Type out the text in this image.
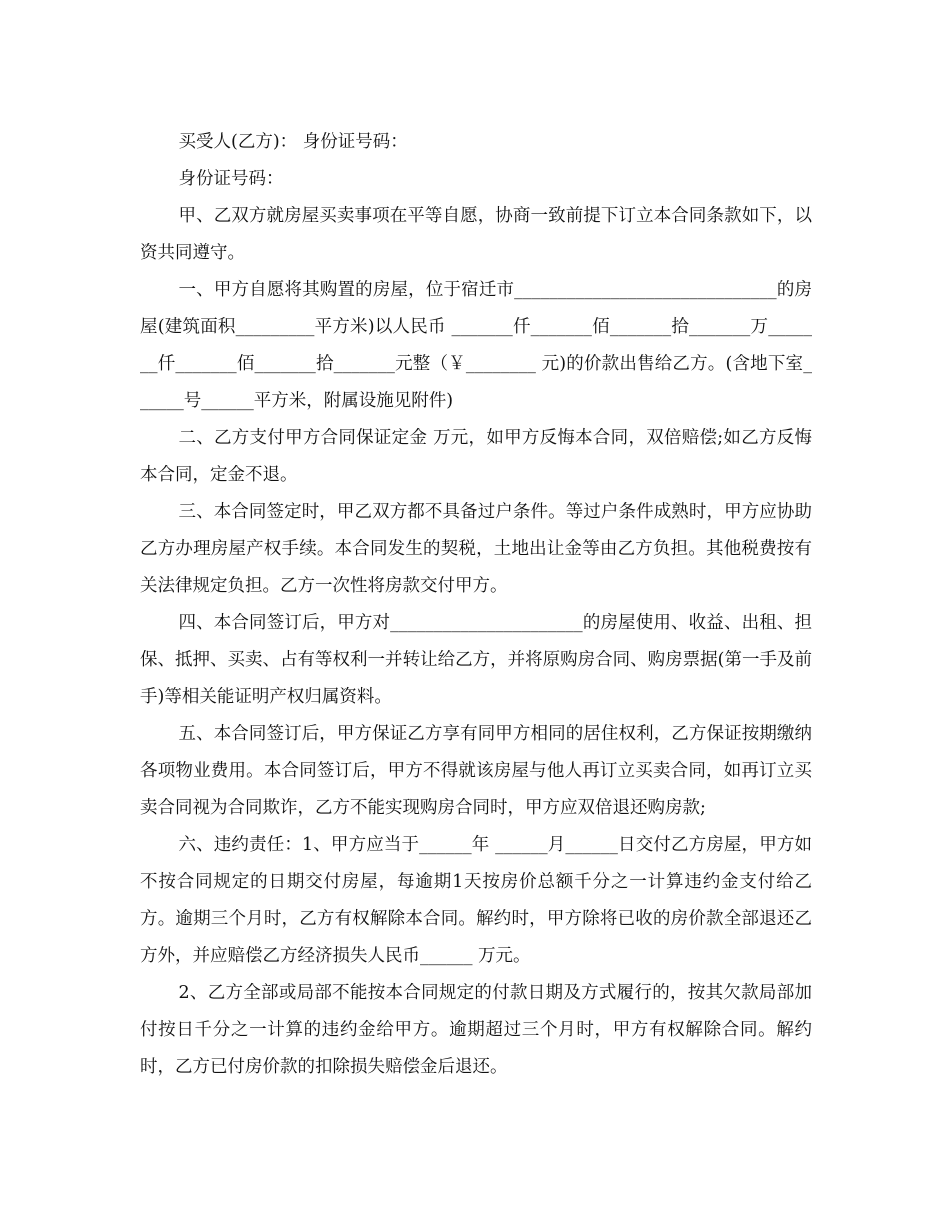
买受人(乙方)： 身份证号码：

身份证号码：

甲、乙双方就房屋买卖事项在平等自愿，协商一致前提下订立本合同条款如下，以资共同遵守。

一、甲方自愿将其购置的房屋，位于宿迁市______________________________的房屋(建筑面积_________平方米)以人民币 _______仟_______佰_______拾_______万_______仟_______佰_______拾_______元整（￥________ 元)的价款出售给乙方。(含地下室______号______平方米，附属设施见附件)

二、乙方支付甲方合同保证定金 万元，如甲方反悔本合同，双倍赔偿;如乙方反悔本合同，定金不退。

三、本合同签定时，甲乙双方都不具备过户条件。等过户条件成熟时，甲方应协助乙方办理房屋产权手续。本合同发生的契税，土地出让金等由乙方负担。其他税费按有关法律规定负担。乙方一次性将房款交付甲方。

四、本合同签订后，甲方对______________________的房屋使用、收益、出租、担保、抵押、买卖、占有等权利一并转让给乙方，并将原购房合同、购房票据(第一手及前手)等相关能证明产权归属资料。

五、本合同签订后，甲方保证乙方享有同甲方相同的居住权利，乙方保证按期缴纳各项物业费用。本合同签订后，甲方不得就该房屋与他人再订立买卖合同，如再订立买卖合同视为合同欺诈，乙方不能实现购房合同时，甲方应双倍退还购房款;

六、违约责任：1、甲方应当于______年 ______月______日交付乙方房屋，甲方如不按合同规定的日期交付房屋，每逾期1天按房价总额千分之一计算违约金支付给乙方。逾期三个月时，乙方有权解除本合同。解约时，甲方除将已收的房价款全部退还乙方外，并应赔偿乙方经济损失人民币______ 万元。

2、乙方全部或局部不能按本合同规定的付款日期及方式履行的，按其欠款局部加付按日千分之一计算的违约金给甲方。逾期超过三个月时，甲方有权解除合同。解约时，乙方已付房价款的扣除损失赔偿金后退还。
